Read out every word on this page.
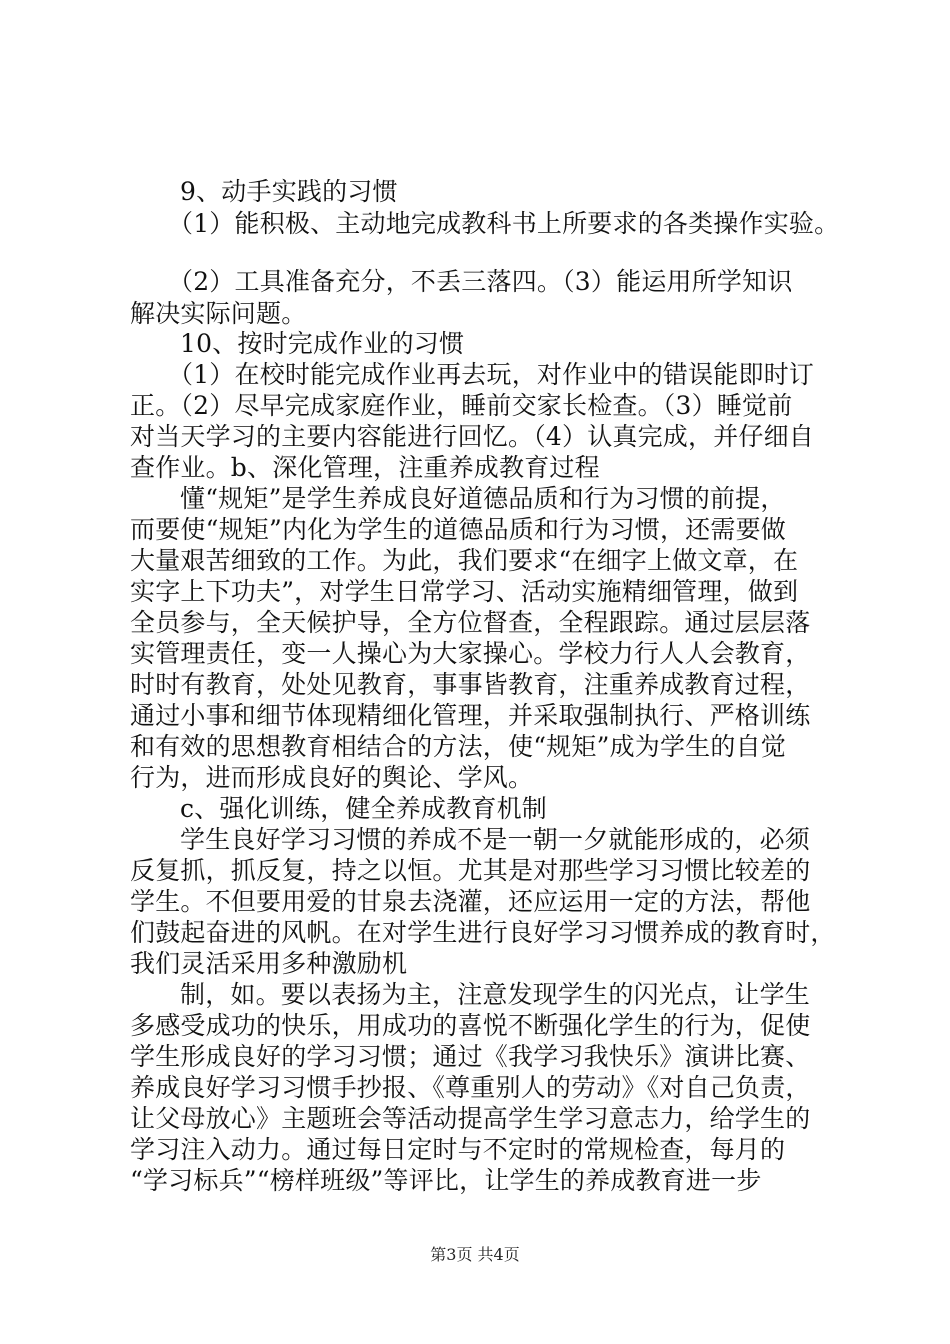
9、动手实践的习惯
（1）能积极、主动地完成教科书上所要求的各类操作实验。
（2）工具准备充分，不丢三落四。（3）能运用所学知识
解决实际问题。
10、按时完成作业的习惯
（1）在校时能完成作业再去玩，对作业中的错误能即时订
正。（2）尽早完成家庭作业，睡前交家长检查。（3）睡觉前
对当天学习的主要内容能进行回忆。（4）认真完成，并仔细自
查作业。b、深化管理，注重养成教育过程
懂“规矩”是学生养成良好道德品质和行为习惯的前提，
而要使“规矩”内化为学生的道德品质和行为习惯，还需要做
大量艰苦细致的工作。为此，我们要求“在细字上做文章，在
实字上下功夫”，对学生日常学习、活动实施精细管理，做到
全员参与，全天候护导，全方位督查，全程跟踪。通过层层落
实管理责任，变一人操心为大家操心。学校力行人人会教育，
时时有教育，处处见教育，事事皆教育，注重养成教育过程，
通过小事和细节体现精细化管理，并采取强制执行、严格训练
和有效的思想教育相结合的方法，使“规矩”成为学生的自觉
行为，进而形成良好的舆论、学风。
c、强化训练，健全养成教育机制
学生良好学习习惯的养成不是一朝一夕就能形成的，必须
反复抓，抓反复，持之以恒。尤其是对那些学习习惯比较差的
学生。不但要用爱的甘泉去浇灌，还应运用一定的方法，帮他
们鼓起奋进的风帆。在对学生进行良好学习习惯养成的教育时，
我们灵活采用多种激励机
制，如。要以表扬为主，注意发现学生的闪光点，让学生
多感受成功的快乐，用成功的喜悦不断强化学生的行为，促使
学生形成良好的学习习惯；通过《我学习我快乐》演讲比赛、
养成良好学习习惯手抄报、《尊重别人的劳动》《对自己负责，
让父母放心》主题班会等活动提高学生学习意志力，给学生的
学习注入动力。通过每日定时与不定时的常规检查，每月的
“学习标兵”“榜样班级”等评比，让学生的养成教育进一步
第3页 共4页
